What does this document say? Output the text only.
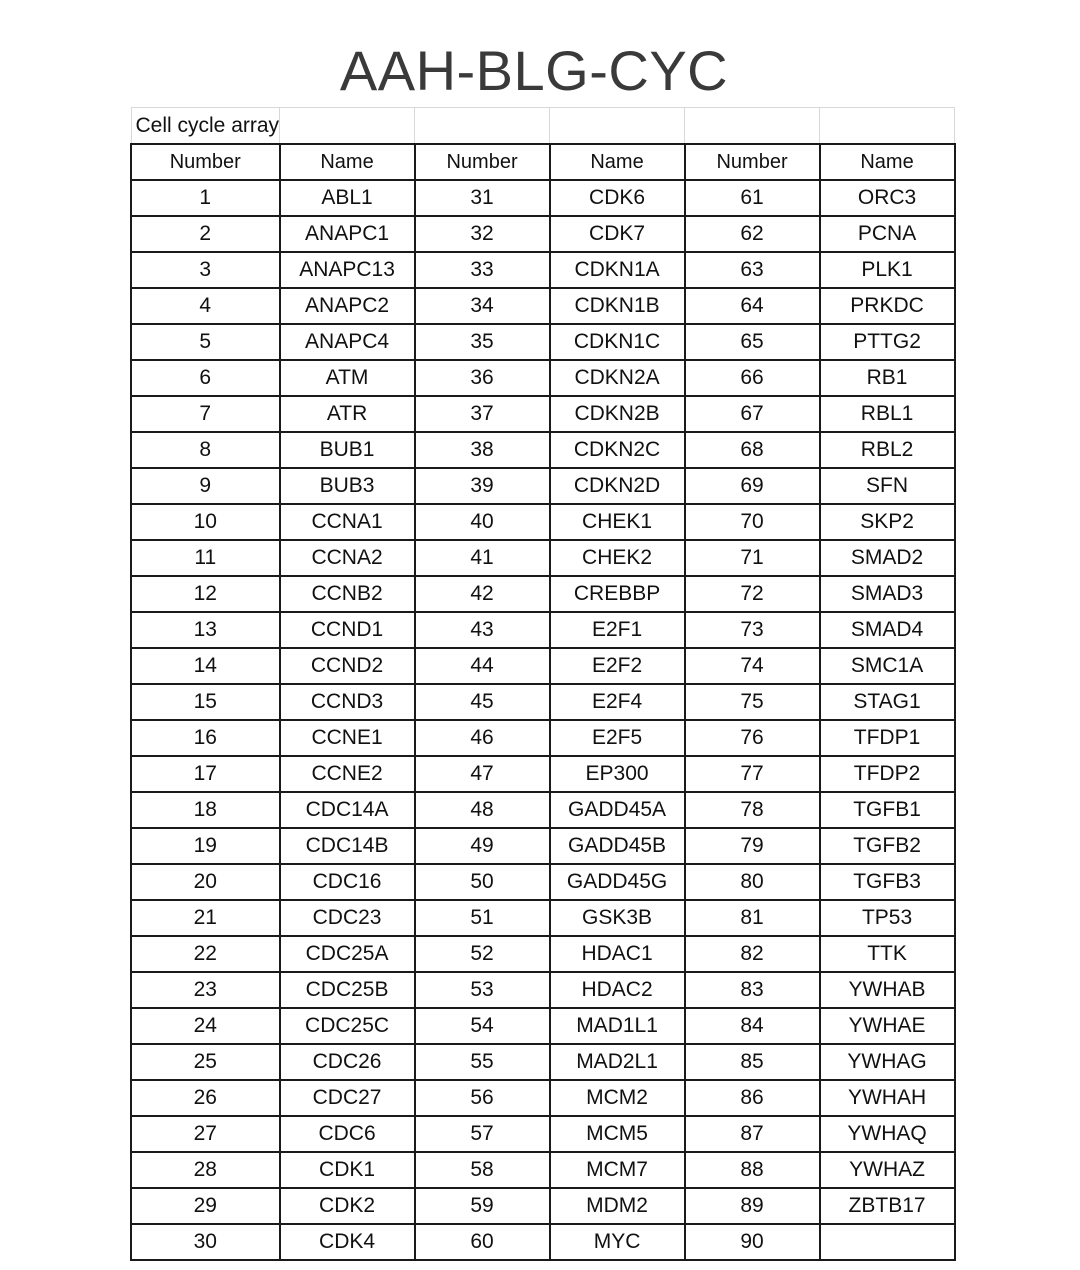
AAH-BLG-CYC
Cell cycle array					
Number	Name	Number	Name	Number	Name
1	ABL1	31	CDK6	61	ORC3
2	ANAPC1	32	CDK7	62	PCNA
3	ANAPC13	33	CDKN1A	63	PLK1
4	ANAPC2	34	CDKN1B	64	PRKDC
5	ANAPC4	35	CDKN1C	65	PTTG2
6	ATM	36	CDKN2A	66	RB1
7	ATR	37	CDKN2B	67	RBL1
8	BUB1	38	CDKN2C	68	RBL2
9	BUB3	39	CDKN2D	69	SFN
10	CCNA1	40	CHEK1	70	SKP2
11	CCNA2	41	CHEK2	71	SMAD2
12	CCNB2	42	CREBBP	72	SMAD3
13	CCND1	43	E2F1	73	SMAD4
14	CCND2	44	E2F2	74	SMC1A
15	CCND3	45	E2F4	75	STAG1
16	CCNE1	46	E2F5	76	TFDP1
17	CCNE2	47	EP300	77	TFDP2
18	CDC14A	48	GADD45A	78	TGFB1
19	CDC14B	49	GADD45B	79	TGFB2
20	CDC16	50	GADD45G	80	TGFB3
21	CDC23	51	GSK3B	81	TP53
22	CDC25A	52	HDAC1	82	TTK
23	CDC25B	53	HDAC2	83	YWHAB
24	CDC25C	54	MAD1L1	84	YWHAE
25	CDC26	55	MAD2L1	85	YWHAG
26	CDC27	56	MCM2	86	YWHAH
27	CDC6	57	MCM5	87	YWHAQ
28	CDK1	58	MCM7	88	YWHAZ
29	CDK2	59	MDM2	89	ZBTB17
30	CDK4	60	MYC	90	
